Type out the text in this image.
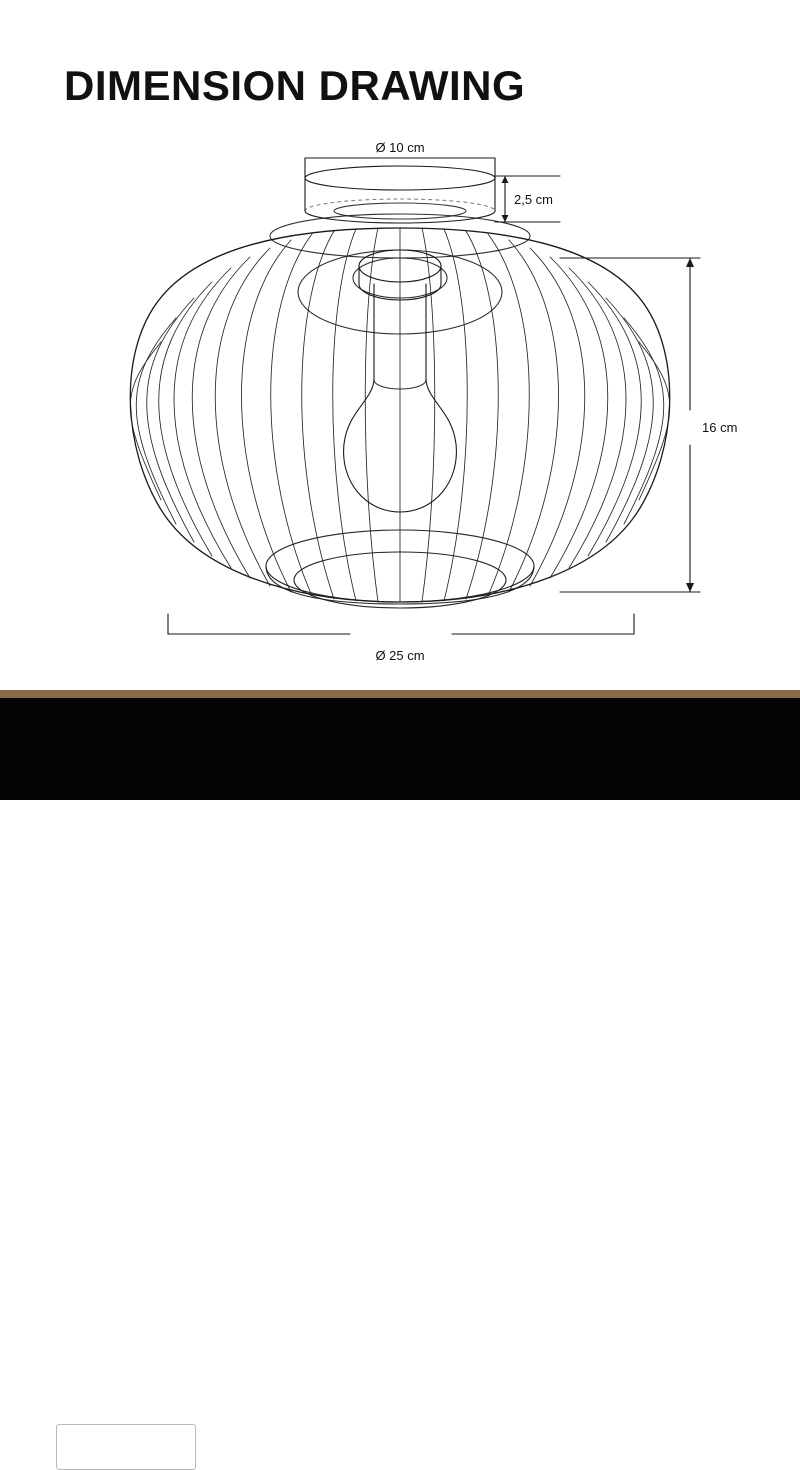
DIMENSION DRAWING
Ø 10 cm
2,5 cm
16 cm
Ø 25 cm
2 YEAR
WARRANTY	Olucia
